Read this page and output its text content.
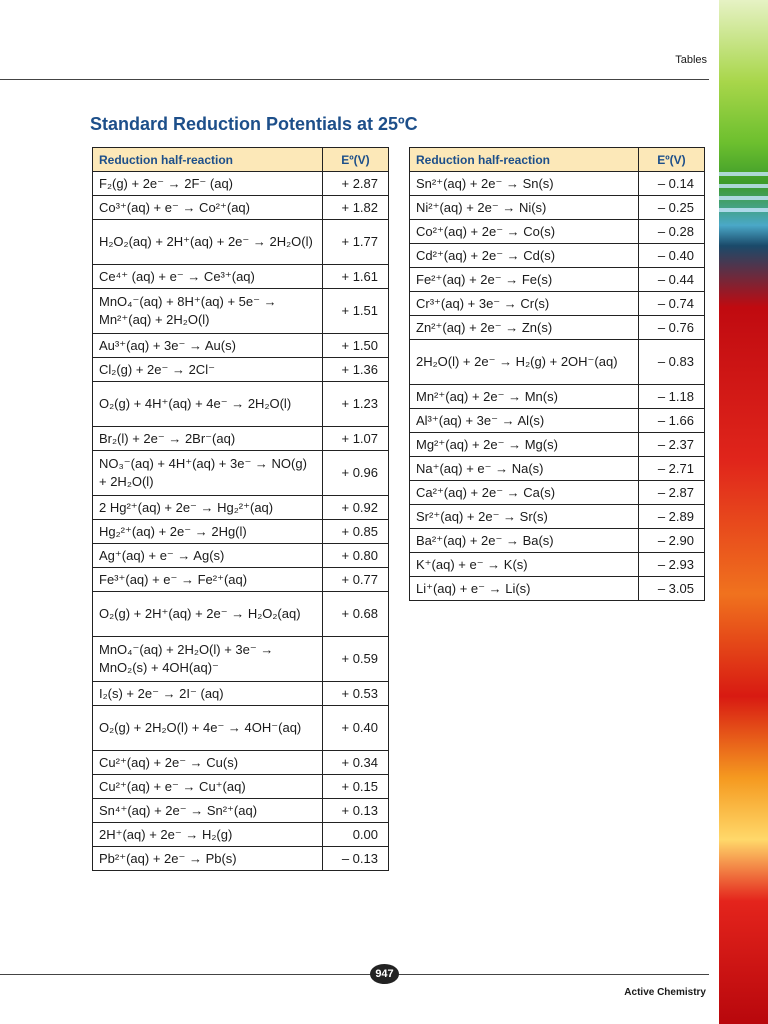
Tables
Standard Reduction Potentials at 25ºC
Reduction half-reaction	Eº(V)
F₂(g) + 2e⁻ → 2F⁻ (aq)	+ 2.87
Co³⁺(aq) + e⁻ → Co²⁺(aq)	+ 1.82
H₂O₂(aq) + 2H⁺(aq) + 2e⁻ → 2H₂O(l)	+ 1.77
Ce⁴⁺ (aq) + e⁻ → Ce³⁺(aq)	+ 1.61
MnO₄⁻(aq) + 8H⁺(aq) + 5e⁻ → Mn²⁺(aq) + 2H₂O(l)	+ 1.51
Au³⁺(aq) + 3e⁻ → Au(s)	+ 1.50
Cl₂(g) + 2e⁻ → 2Cl⁻	+ 1.36
O₂(g) + 4H⁺(aq) + 4e⁻ → 2H₂O(l)	+ 1.23
Br₂(l) + 2e⁻ → 2Br⁻(aq)	+ 1.07
NO₃⁻(aq) + 4H⁺(aq) + 3e⁻ → NO(g) + 2H₂O(l)	+ 0.96
2 Hg²⁺(aq) + 2e⁻ → Hg₂²⁺(aq)	+ 0.92
Hg₂²⁺(aq) + 2e⁻ → 2Hg(l)	+ 0.85
Ag⁺(aq) + e⁻ → Ag(s)	+ 0.80
Fe³⁺(aq) + e⁻ → Fe²⁺(aq)	+ 0.77
O₂(g) + 2H⁺(aq) + 2e⁻ → H₂O₂(aq)	+ 0.68
MnO₄⁻(aq) + 2H₂O(l) + 3e⁻ → MnO₂(s) + 4OH(aq)⁻	+ 0.59
I₂(s) + 2e⁻ → 2I⁻ (aq)	+ 0.53
O₂(g) + 2H₂O(l) + 4e⁻ → 4OH⁻(aq)	+ 0.40
Cu²⁺(aq) + 2e⁻ → Cu(s)	+ 0.34
Cu²⁺(aq) + e⁻ → Cu⁺(aq)	+ 0.15
Sn⁴⁺(aq) + 2e⁻ → Sn²⁺(aq)	+ 0.13
2H⁺(aq) + 2e⁻ → H₂(g)	0.00
Pb²⁺(aq) + 2e⁻ → Pb(s)	– 0.13
Reduction half-reaction	Eº(V)
Sn²⁺(aq) + 2e⁻ → Sn(s)	– 0.14
Ni²⁺(aq) + 2e⁻ → Ni(s)	– 0.25
Co²⁺(aq) + 2e⁻ → Co(s)	– 0.28
Cd²⁺(aq) + 2e⁻ → Cd(s)	– 0.40
Fe²⁺(aq) + 2e⁻ → Fe(s)	– 0.44
Cr³⁺(aq) + 3e⁻ → Cr(s)	– 0.74
Zn²⁺(aq) + 2e⁻ → Zn(s)	– 0.76
2H₂O(l) + 2e⁻ → H₂(g) + 2OH⁻(aq)	– 0.83
Mn²⁺(aq) + 2e⁻ → Mn(s)	– 1.18
Al³⁺(aq) + 3e⁻ → Al(s)	– 1.66
Mg²⁺(aq) + 2e⁻ → Mg(s)	– 2.37
Na⁺(aq) + e⁻ → Na(s)	– 2.71
Ca²⁺(aq) + 2e⁻ → Ca(s)	– 2.87
Sr²⁺(aq) + 2e⁻ → Sr(s)	– 2.89
Ba²⁺(aq) + 2e⁻ → Ba(s)	– 2.90
K⁺(aq) + e⁻ → K(s)	– 2.93
Li⁺(aq) + e⁻ → Li(s)	– 3.05
947
Active Chemistry
